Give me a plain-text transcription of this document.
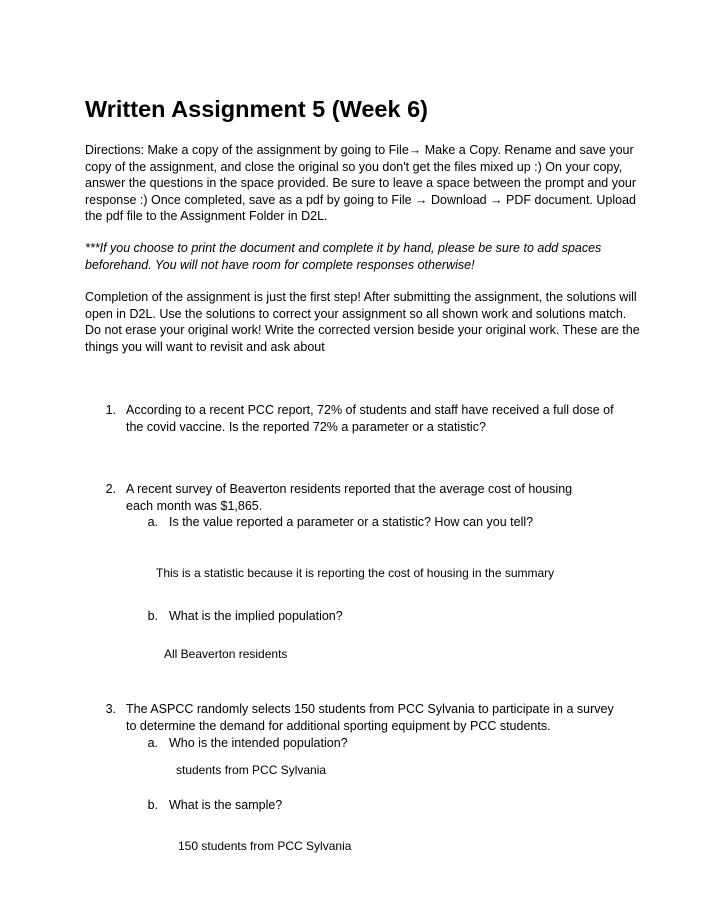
Written Assignment 5 (Week 6)

Directions: Make a copy of the assignment by going to File→ Make a Copy. Rename and save your copy of the assignment, and close the original so you don't get the files mixed up :) On your copy, answer the questions in the space provided. Be sure to leave a space between the prompt and your response :) Once completed, save as a pdf by going to File → Download → PDF document. Upload the pdf file to the Assignment Folder in D2L.

***If you choose to print the document and complete it by hand, please be sure to add spaces beforehand. You will not have room for complete responses otherwise!

Completion of the assignment is just the first step! After submitting the assignment, the solutions will open in D2L. Use the solutions to correct your assignment so all shown work and solutions match. Do not erase your original work! Write the corrected version beside your original work. These are the things you will want to revisit and ask about

1. According to a recent PCC report, 72% of students and staff have received a full dose of the covid vaccine. Is the reported 72% a parameter or a statistic?
2. A recent survey of Beaverton residents reported that the average cost of housing each month was $1,865.
a. Is the value reported a parameter or a statistic? How can you tell?
This is a statistic because it is reporting the cost of housing in the summary
b. What is the implied population?
All Beaverton residents
3. The ASPCC randomly selects 150 students from PCC Sylvania to participate in a survey to determine the demand for additional sporting equipment by PCC students.
a. Who is the intended population?
students from PCC Sylvania
b. What is the sample?
150 students from PCC Sylvania
